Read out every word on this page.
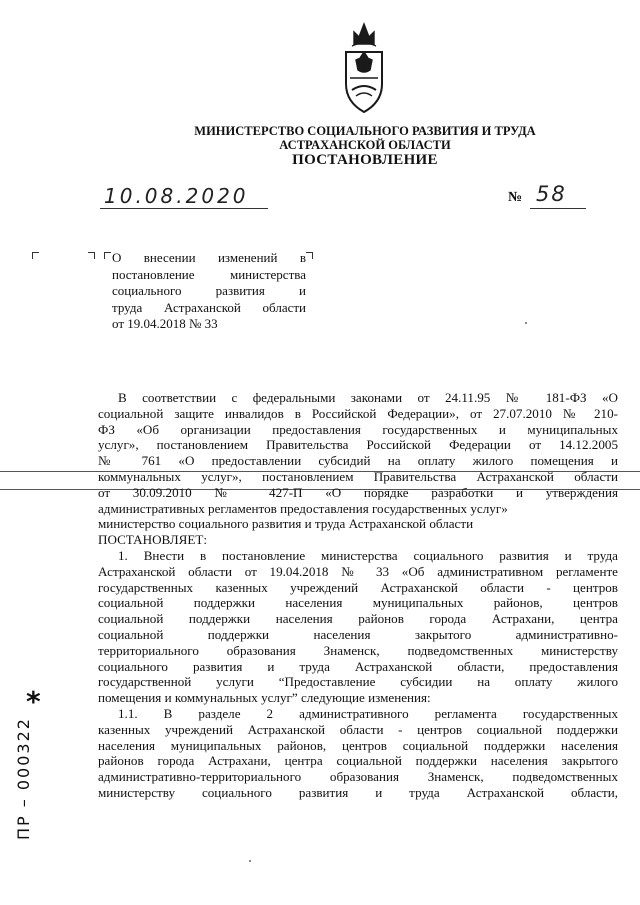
МИНИСТЕРСТВО СОЦИАЛЬНОГО РАЗВИТИЯ И ТРУДА
АСТРАХАНСКОЙ ОБЛАСТИ
ПОСТАНОВЛЕНИЕ
10.08.2020	№ 58
О внесении изменений в
постановление министерства
социального развития и
труда Астраханской области
от 19.04.2018 № 33
В соответствии с федеральными законами от 24.11.95 № 181-ФЗ «О
социальной защите инвалидов в Российской Федерации», от 27.07.2010 № 210-
ФЗ «Об организации предоставления государственных и муниципальных
услуг», постановлением Правительства Российской Федерации от 14.12.2005
№ 761 «О предоставлении субсидий на оплату жилого помещения и
коммунальных услуг», постановлением Правительства Астраханской области
от 30.09.2010 № 427-П «О порядке разработки и утверждения
административных регламентов предоставления государственных услуг»
министерство социального развития и труда Астраханской области
ПОСТАНОВЛЯЕТ:
1. Внести в постановление министерства социального развития и труда
Астраханской области от 19.04.2018 № 33 «Об административном регламенте
государственных казенных учреждений Астраханской области - центров
социальной поддержки населения муниципальных районов, центров
социальной поддержки населения районов города Астрахани, центра
социальной поддержки населения закрытого административно-
территориального образования Знаменск, подведомственных министерству
социального развития и труда Астраханской области, предоставления
государственной услуги “Предоставление субсидии на оплату жилого
помещения и коммунальных услуг” следующие изменения:
1.1. В разделе 2 административного регламента государственных
казенных учреждений Астраханской области - центров социальной поддержки
населения муниципальных районов, центров социальной поддержки населения
районов города Астрахани, центра социальной поддержки населения закрытого
административно-территориального образования Знаменск, подведомственных
министерству социального развития и труда Астраханской области,
*
ПР – 000322
